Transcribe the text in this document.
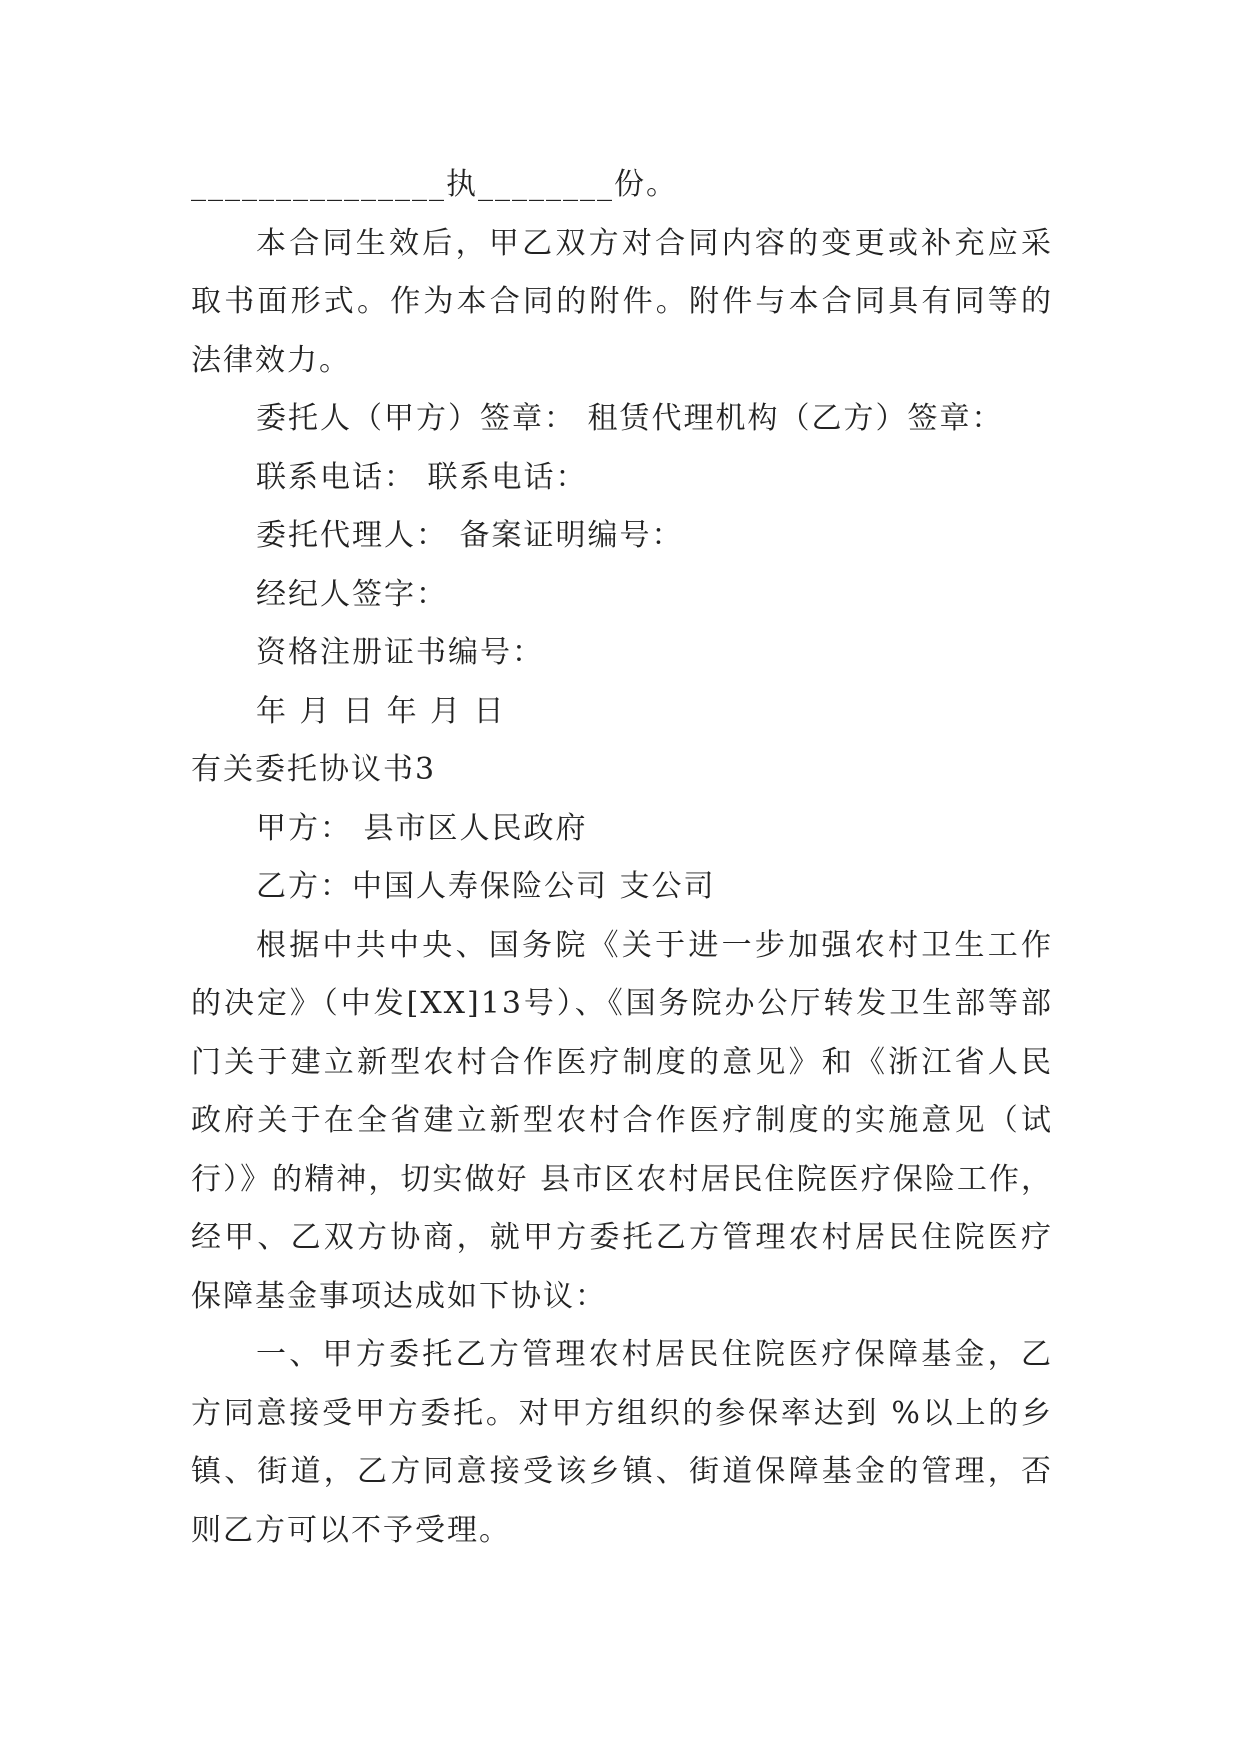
_______________执________份。
本合同生效后，甲乙双方对合同内容的变更或补充应采
取书面形式。作为本合同的附件。附件与本合同具有同等的
法律效力。
委托人（甲方）签章： 租赁代理机构（乙方）签章：
联系电话： 联系电话：
委托代理人： 备案证明编号：
经纪人签字：
资格注册证书编号：
年 月 日 年 月 日
有关委托协议书3
甲方： 县市区人民政府
乙方：中国人寿保险公司 支公司
根据中共中央、国务院《关于进一步加强农村卫生工作
的决定》（中发[XX]13号）、《国务院办公厅转发卫生部等部
门关于建立新型农村合作医疗制度的意见》和《浙江省人民
政府关于在全省建立新型农村合作医疗制度的实施意见（试
行）》的精神，切实做好 县市区农村居民住院医疗保险工作，
经甲、乙双方协商，就甲方委托乙方管理农村居民住院医疗
保障基金事项达成如下协议：
一、甲方委托乙方管理农村居民住院医疗保障基金，乙
方同意接受甲方委托。对甲方组织的参保率达到 %以上的乡
镇、街道，乙方同意接受该乡镇、街道保障基金的管理，否
则乙方可以不予受理。
